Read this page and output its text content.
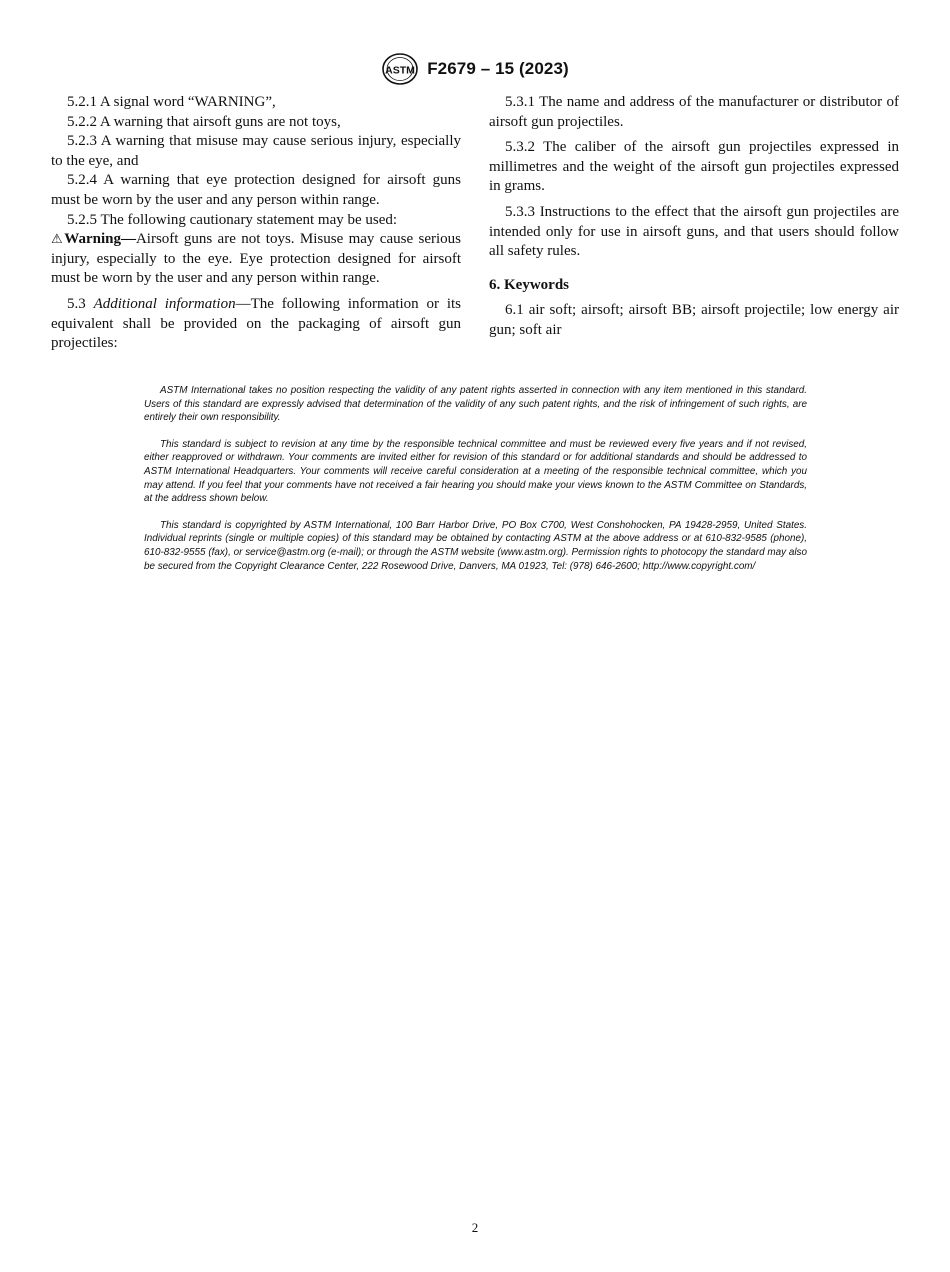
ASTM F2679 – 15 (2023)

5.2.1 A signal word “WARNING”,

5.2.2 A warning that airsoft guns are not toys,

5.2.3 A warning that misuse may cause serious injury, especially to the eye, and

5.2.4 A warning that eye protection designed for airsoft guns must be worn by the user and any person within range.

5.2.5 The following cautionary statement may be used:

⚠Warning—Airsoft guns are not toys. Misuse may cause serious injury, especially to the eye. Eye protection designed for airsoft must be worn by the user and any person within range.

5.3 Additional information—The following information or its equivalent shall be provided on the packaging of airsoft gun projectiles:

5.3.1 The name and address of the manufacturer or distributor of airsoft gun projectiles.

5.3.2 The caliber of the airsoft gun projectiles expressed in millimetres and the weight of the airsoft gun projectiles expressed in grams.

5.3.3 Instructions to the effect that the airsoft gun projectiles are intended only for use in airsoft guns, and that users should follow all safety rules.

6. Keywords

6.1 air soft; airsoft; airsoft BB; airsoft projectile; low energy air gun; soft air

ASTM International takes no position respecting the validity of any patent rights asserted in connection with any item mentioned in this standard. Users of this standard are expressly advised that determination of the validity of any such patent rights, and the risk of infringement of such rights, are entirely their own responsibility.

This standard is subject to revision at any time by the responsible technical committee and must be reviewed every five years and if not revised, either reapproved or withdrawn. Your comments are invited either for revision of this standard or for additional standards and should be addressed to ASTM International Headquarters. Your comments will receive careful consideration at a meeting of the responsible technical committee, which you may attend. If you feel that your comments have not received a fair hearing you should make your views known to the ASTM Committee on Standards, at the address shown below.

This standard is copyrighted by ASTM International, 100 Barr Harbor Drive, PO Box C700, West Conshohocken, PA 19428-2959, United States. Individual reprints (single or multiple copies) of this standard may be obtained by contacting ASTM at the above address or at 610-832-9585 (phone), 610-832-9555 (fax), or service@astm.org (e-mail); or through the ASTM website (www.astm.org). Permission rights to photocopy the standard may also be secured from the Copyright Clearance Center, 222 Rosewood Drive, Danvers, MA 01923, Tel: (978) 646-2600; http://www.copyright.com/

2
